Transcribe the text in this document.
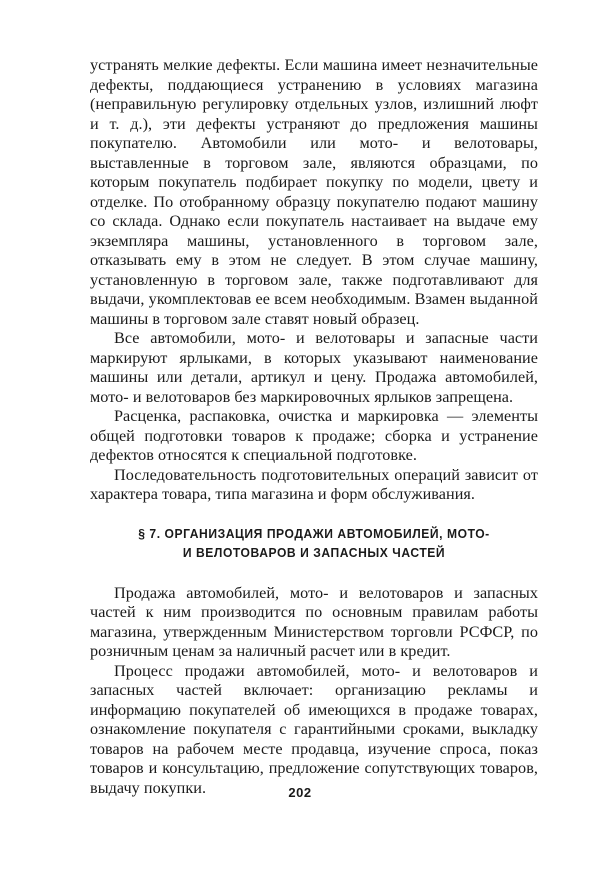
устранять мелкие дефекты. Если машина имеет незначительные дефекты, поддающиеся устранению в условиях магазина (неправильную регулировку отдельных узлов, излишний люфт и т. д.), эти дефекты устраняют до предложения машины покупателю. Автомобили или мото- и велотовары, выставленные в торговом зале, являются образцами, по которым покупатель подбирает покупку по модели, цвету и отделке. По отобранному образцу покупателю подают машину со склада. Однако если покупатель настаивает на выдаче ему экземпляра машины, установленного в торговом зале, отказывать ему в этом не следует. В этом случае машину, установленную в торговом зале, также подготавливают для выдачи, укомплектовав ее всем необходимым. Взамен выданной машины в торговом зале ставят новый образец.

Все автомобили, мото- и велотовары и запасные части маркируют ярлыками, в которых указывают наименование машины или детали, артикул и цену. Продажа автомобилей, мото- и велотоваров без маркировочных ярлыков запрещена.

Расценка, распаковка, очистка и маркировка — элементы общей подготовки товаров к продаже; сборка и устранение дефектов относятся к специальной подготовке.

Последовательность подготовительных операций зависит от характера товара, типа магазина и форм обслуживания.

§ 7. ОРГАНИЗАЦИЯ ПРОДАЖИ АВТОМОБИЛЕЙ, МОТО-
И ВЕЛОТОВАРОВ И ЗАПАСНЫХ ЧАСТЕЙ

Продажа автомобилей, мото- и велотоваров и запасных частей к ним производится по основным правилам работы магазина, утвержденным Министерством торговли РСФСР, по розничным ценам за наличный расчет или в кредит.

Процесс продажи автомобилей, мото- и велотоваров и запасных частей включает: организацию рекламы и информацию покупателей об имеющихся в продаже товарах, ознакомление покупателя с гарантийными сроками, выкладку товаров на рабочем месте продавца, изучение спроса, показ товаров и консультацию, предложение сопутствующих товаров, выдачу покупки.	202
